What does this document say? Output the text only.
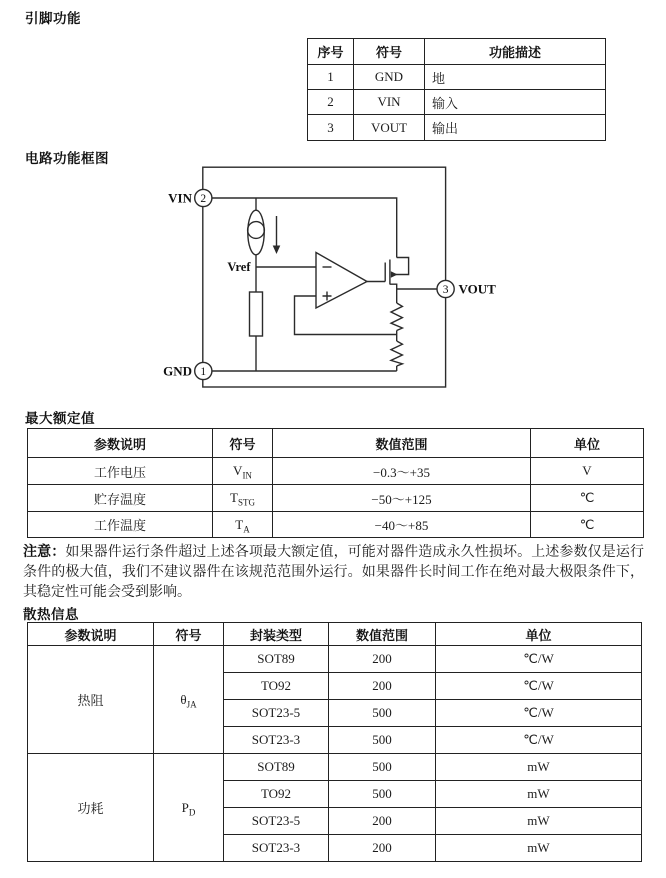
引脚功能
序号	符号	功能描述
1	GND	地
2	VIN	输入
3	VOUT	输出
电路功能框图
VIN 2
GND 1
VOUT
3
Vref
最大额定值
参数说明	符号	数值范围	单位
工作电压	$V_{IN}$	−0.3～+35	V
贮存温度	$T_{STG}$	−50～+125	℃
工作温度	$T_A$	−40～+85	℃
注意：如果器件运行条件超过上述各项最大额定值，可能对器件造成永久性损坏。上述参数仅是运行条件的极大值，我们不建议器件在该规范范围外运行。如果器件长时间工作在绝对最大极限条件下，其稳定性可能会受到影响。
散热信息
参数说明	符号	封装类型	数值范围	单位
热阻	$\theta_{JA}$	SOT89	200	℃/W
		TO92	200	℃/W
		SOT23-5	500	℃/W
		SOT23-3	500	℃/W
功耗	$P_D$	SOT89	500	mW
		TO92	500	mW
		SOT23-5	200	mW
		SOT23-3	200	mW
